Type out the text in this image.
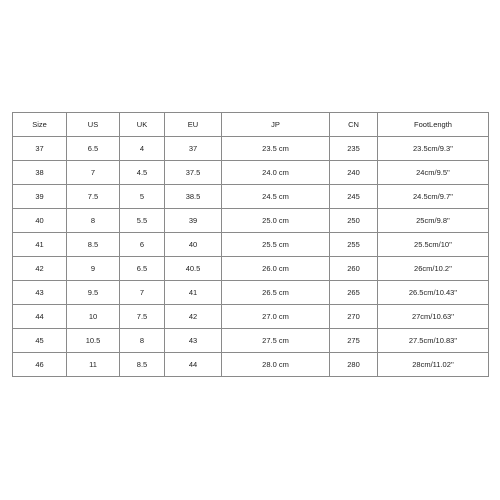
Size	US	UK	EU	JP	CN	FootLength
37	6.5	4	37	23.5 cm	235	23.5cm/9.3''
38	7	4.5	37.5	24.0 cm	240	24cm/9.5''
39	7.5	5	38.5	24.5 cm	245	24.5cm/9.7''
40	8	5.5	39	25.0 cm	250	25cm/9.8''
41	8.5	6	40	25.5 cm	255	25.5cm/10''
42	9	6.5	40.5	26.0 cm	260	26cm/10.2''
43	9.5	7	41	26.5 cm	265	26.5cm/10.43''
44	10	7.5	42	27.0 cm	270	27cm/10.63''
45	10.5	8	43	27.5 cm	275	27.5cm/10.83''
46	11	8.5	44	28.0 cm	280	28cm/11.02''
